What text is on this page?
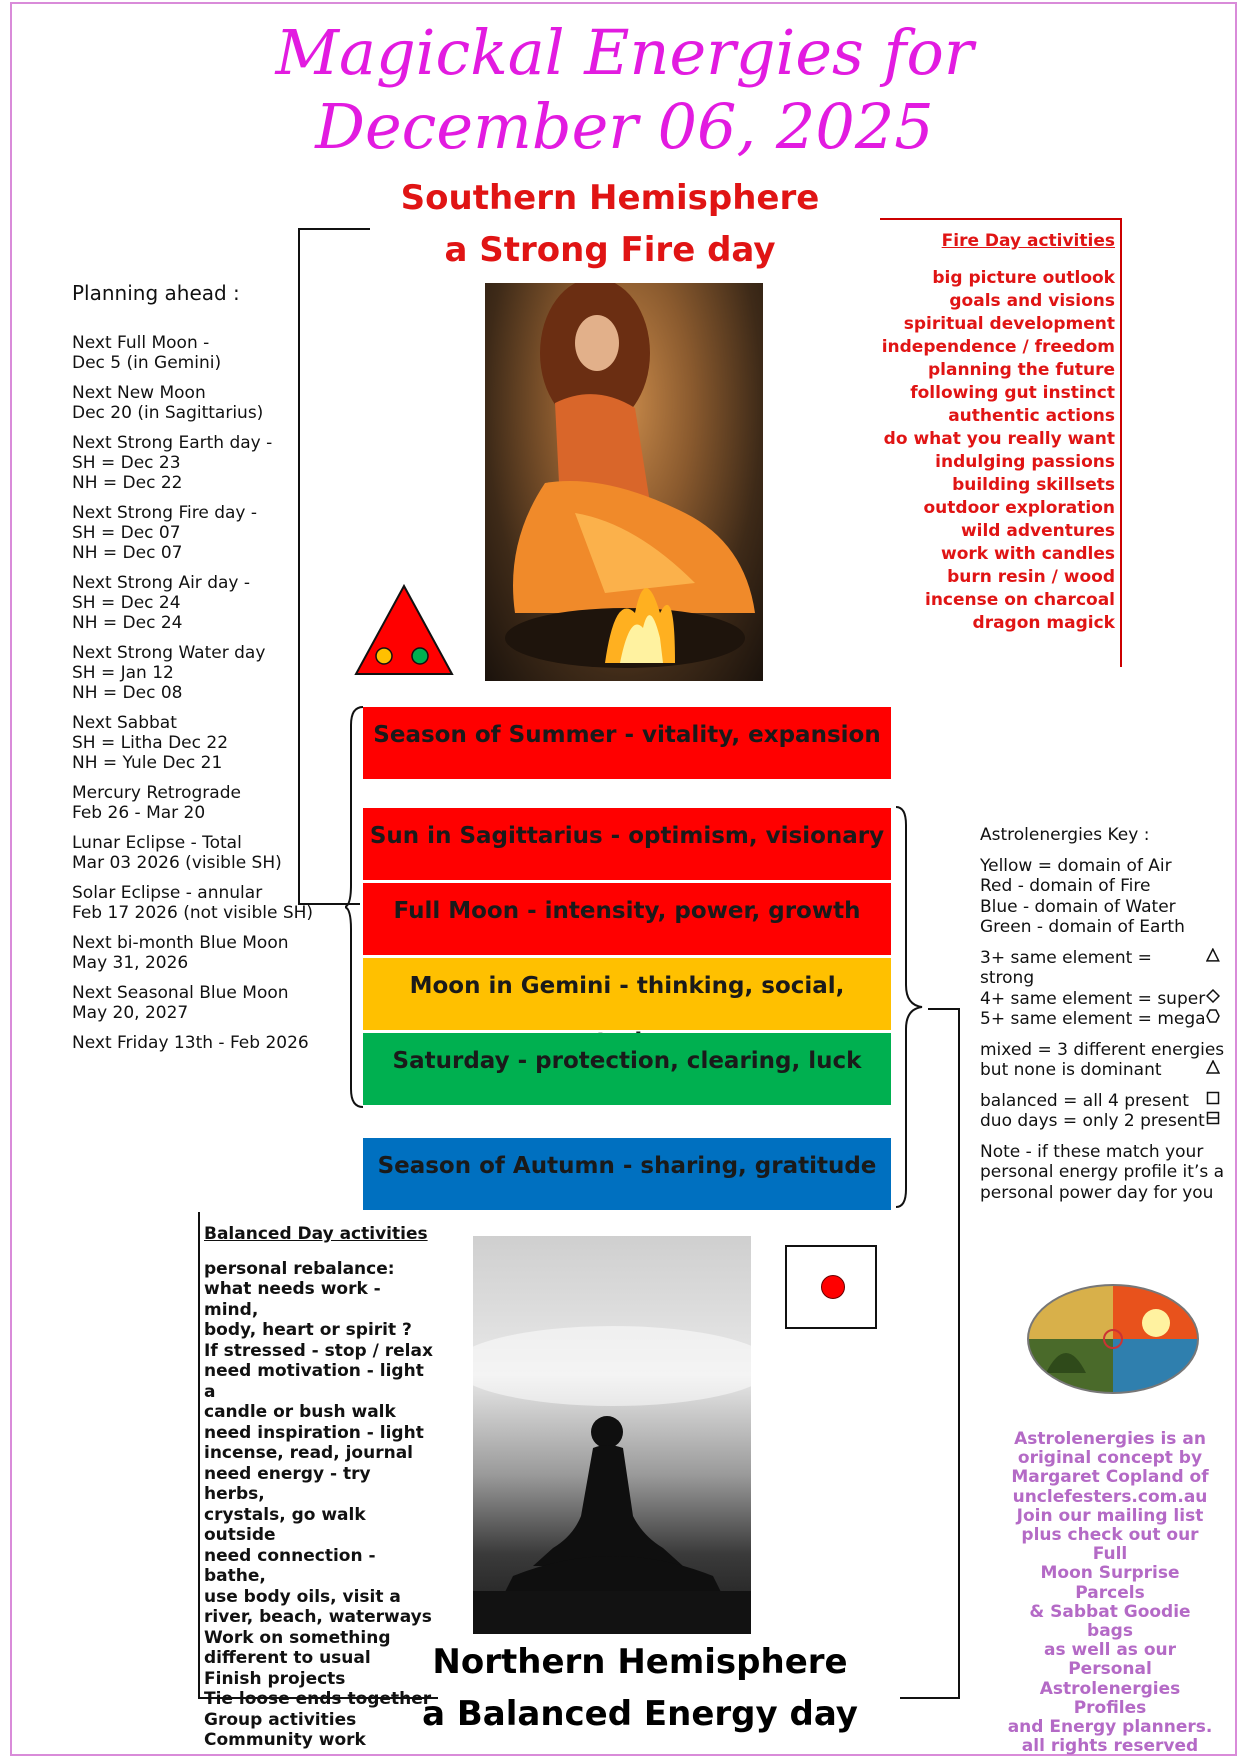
Magickal Energies for
December 06, 2025
Southern Hemisphere
a Strong Fire day
Planning ahead :
Next Full Moon -
Dec 5 (in Gemini)
Next New Moon
Dec 20 (in Sagittarius)
Next Strong Earth day -
SH = Dec 23
NH = Dec 22
Next Strong Fire day -
SH = Dec 07
NH = Dec 07
Next Strong Air day -
SH = Dec 24
NH = Dec 24
Next Strong Water day
SH = Jan 12
NH = Dec 08
Next Sabbat
SH = Litha Dec 22
NH = Yule Dec 21
Mercury Retrograde
Feb 26 - Mar 20
Lunar Eclipse - Total
Mar 03 2026 (visible SH)
Solar Eclipse - annular
Feb 17 2026 (not visible SH)
Next bi-month Blue Moon
May 31, 2026
Next Seasonal Blue Moon
May 20, 2027
Next Friday 13th - Feb 2026
Fire Day activities
big picture outlook
goals and visions
spiritual development
independence / freedom
planning the future
following gut instinct
authentic actions
do what you really want
indulging passions
building skillsets
outdoor exploration
wild adventures
work with candles
burn resin / wood
incense on charcoal
dragon magick
Season of Summer - vitality, expansion
Sun in Sagittarius - optimism, visionary
Full Moon - intensity, power, growth
Moon in Gemini - thinking, social,
Saturday - protection, clearing, luck
Season of Autumn - sharing, gratitude
Astrolenergies Key :
Yellow = domain of Air
Red - domain of Fire
Blue - domain of Water
Green - domain of Earth
3+ same element = strong
4+ same element = super
5+ same element = mega
mixed = 3 different energies
but none is dominant
balanced = all 4 present
duo days = only 2 present
Note - if these match your personal energy profile it’s a personal power day for you
Balanced Day activities
personal rebalance:
what needs work - mind,
body, heart or spirit ?
If stressed - stop / relax
need motivation - light a
candle or bush walk
need inspiration - light
incense, read, journal
need energy - try herbs,
crystals, go walk outside
need connection - bathe,
use body oils, visit a
river, beach, waterways
Work on something
different to usual
Finish projects
Tie loose ends together
Group activities
Community work
Northern Hemisphere
a Balanced Energy day
Astrolenergies is an
original concept by
Margaret Copland of
unclefesters.com.au
Join our mailing list
plus check out our Full
Moon Surprise Parcels
& Sabbat Goodie bags
as well as our Personal
Astrolenergies Profiles
and Energy planners.
all rights reserved
